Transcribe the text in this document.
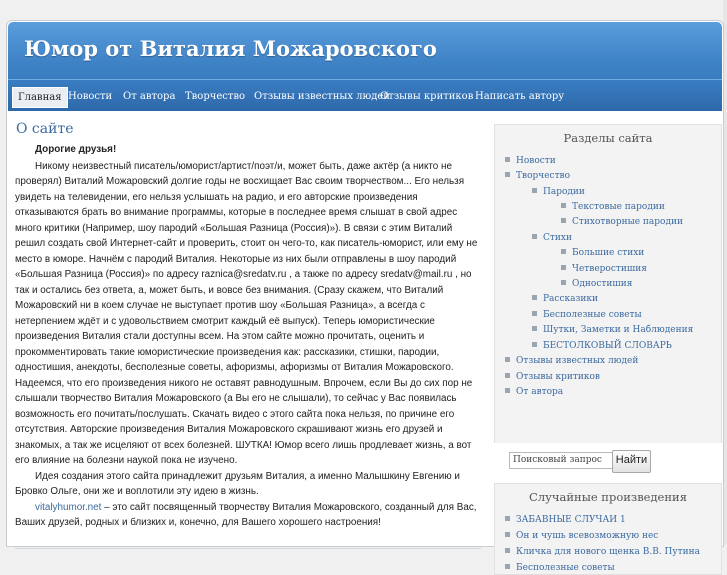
Юмор от Виталия Можаровского
Главная Новости От автора Творчество Отзывы известных людей
Отзывы критиков Написать автору
О сайте

Дорогие друзья!

Никому неизвестный писатель/юморист/артист/поэт/и, может быть, даже актёр (а никто не проверял) Виталий Можаровский долгие годы не восхищает Вас своим творчеством... Его нельзя увидеть на телевидении, его нельзя услышать на радио, и его авторские произведения отказываются брать во внимание программы, которые в последнее время слышат в свой адрес много критики (Например, шоу пародий «Большая Разница (Россия)»). В связи с этим Виталий решил создать свой Интернет-сайт и проверить, стоит он чего-то, как писатель-юморист, или ему не место в юморе. Начнём с пародий Виталия. Некоторые из них были отправлены в шоу пародий «Большая Разница (Россия)» по адресу raznica@sredatv.ru , а также по адресу sredatv@mail.ru , но так и остались без ответа, а, может быть, и вовсе без внимания. (Сразу скажем, что Виталий Можаровский ни в коем случае не выступает против шоу «Большая Разница», а всегда с нетерпением ждёт и с удовольствием смотрит каждый её выпуск). Теперь юмористические произведения Виталия стали доступны всем. На этом сайте можно прочитать, оценить и прокомментировать такие юмористические произведения как: рассказики, стишки, пародии, одностишия, анекдоты, бесполезные советы, афоризмы, афоризмы от Виталия Можаровского. Надеемся, что его произведения никого не оставят равнодушным. Впрочем, если Вы до сих пор не слышали творчество Виталия Можаровского (а Вы его не слышали), то сейчас у Вас появилась возможность его почитать/послушать. Скачать видео с этого сайта пока нельзя, по причине его отсутствия. Авторские произведения Виталия Можаровского скрашивают жизнь его друзей и знакомых, а так же исцеляют от всех болезней. ШУТКА! Юмор всего лишь продлевает жизнь, а вот его влияние на болезни наукой пока не изучено.

Идея создания этого сайта принадлежит друзьям Виталия, а именно Малышкину Евгению и Бровко Ольге, они же и воплотили эту идею в жизнь.

vitalyhumor.net – это сайт посвященный творчеству Виталия Можаровского, созданный для Вас, Ваших друзей, родных и близких и, конечно, для Вашего хорошего настроения!

Разделы сайта
Новости
Творчество
Пародии
Текстовые пародии
Стихотворные пародии
Стихи
Большие стихи
Четверостишия
Одностишия
Рассказики
Бесполезные советы
Шутки, Заметки и Наблюдения
БЕСТОЛКОВЫЙ СЛОВАРЬ
Отзывы известных людей
Отзывы критиков
От автора
Поисковый запрос
Найти
Случайные произведения
ЗАБАВНЫЕ СЛУЧАИ 1
Он и чушь всевозможную нес
Кличка для нового щенка В.В. Путина
Бесполезные советы
